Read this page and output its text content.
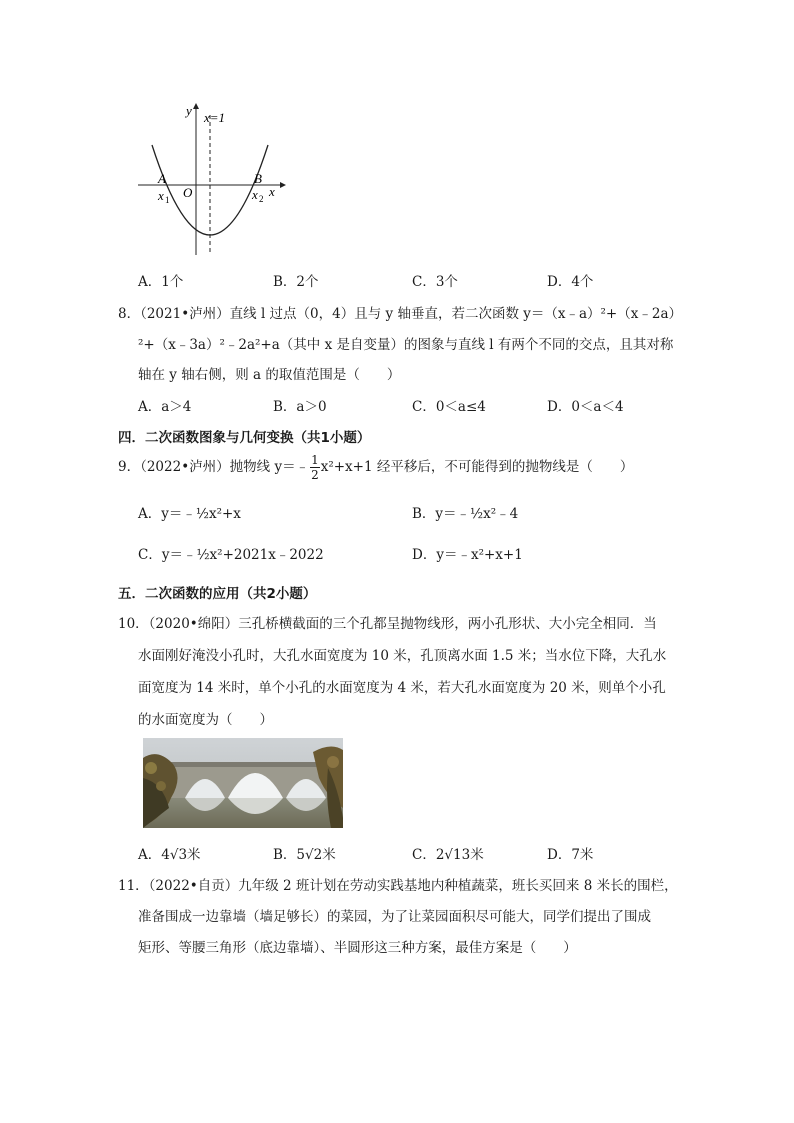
y x=1
A	B
O
x 1	x 2 x
A．1个	B．2个	C．3个	D．4个
8．（2021•泸州）直线 l 过点（0，4）且与 y 轴垂直，若二次函数 y＝（x﹣a）²+（x﹣2a）
²+（x﹣3a）²﹣2a²+a（其中 x 是自变量）的图象与直线 l 有两个不同的交点，且其对称
轴在 y 轴右侧，则 a 的取值范围是（　　）
A．a＞4	B．a＞0	C．0＜a≤4	D．0＜a＜4
四．二次函数图象与几何变换（共1小题）
9．（2022•泸州）抛物线 y＝﹣ $\frac{1}{2} x^2+x+1$ 经平移后，不可能得到的抛物线是（　　）
A．y＝﹣½x²+x	B．y＝﹣½x²﹣4
C．y＝﹣½x²+2021x﹣2022	D．y＝﹣x²+x+1
五．二次函数的应用（共2小题）
10．（2020•绵阳）三孔桥横截面的三个孔都呈抛物线形，两小孔形状、大小完全相同．当
水面刚好淹没小孔时，大孔水面宽度为 10 米，孔顶离水面 1.5 米；当水位下降，大孔水
面宽度为 14 米时，单个小孔的水面宽度为 4 米，若大孔水面宽度为 20 米，则单个小孔
的水面宽度为（　　）
A．4√3米	B．5√2米	C．2√13米	D．7米
11．（2022•自贡）九年级 2 班计划在劳动实践基地内种植蔬菜，班长买回来 8 米长的围栏，
准备围成一边靠墙（墙足够长）的菜园，为了让菜园面积尽可能大，同学们提出了围成
矩形、等腰三角形（底边靠墙）、半圆形这三种方案，最佳方案是（　　）
